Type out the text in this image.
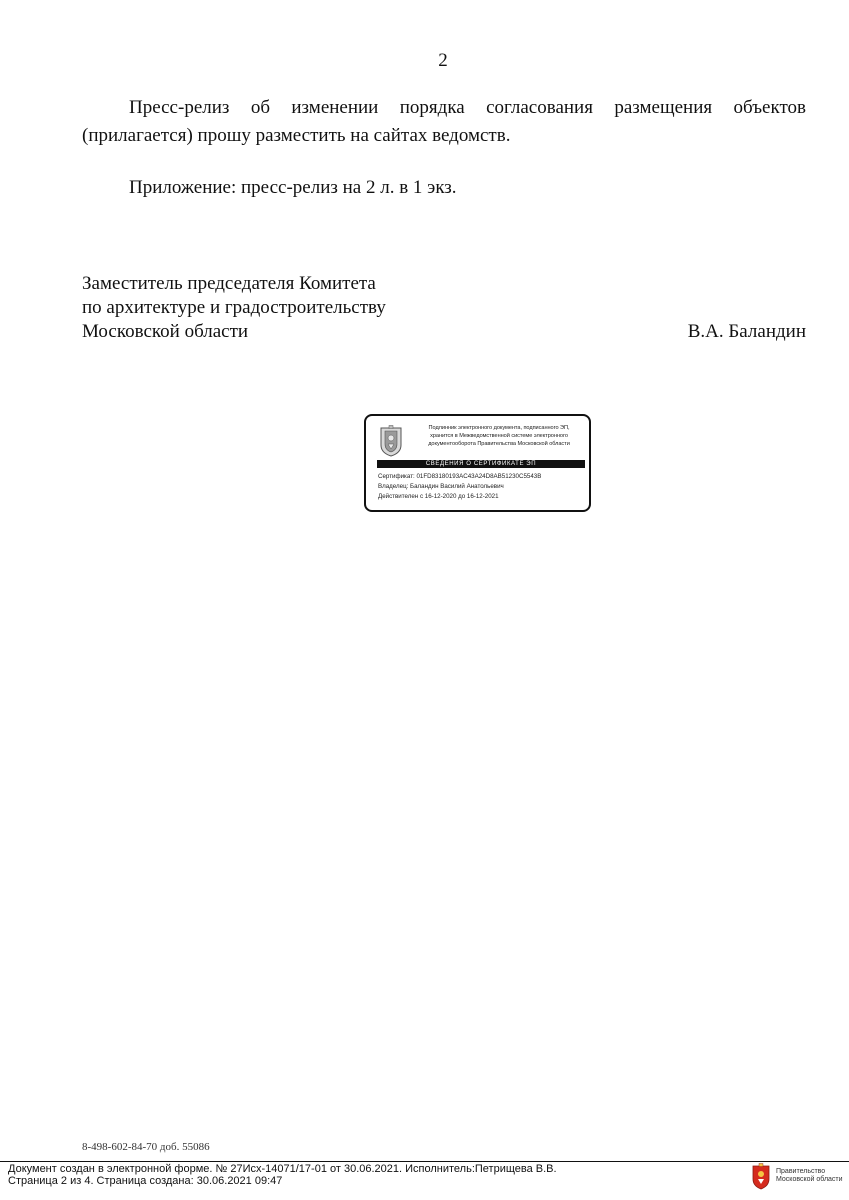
2
Пресс-релиз об изменении порядка согласования размещения объектов (прилагается) прошу разместить на сайтах ведомств.
Приложение: пресс-релиз на 2 л. в 1 экз.
Заместитель председателя Комитета
по архитектуре и градостроительству
Московской области	В.А. Баландин
Подлинник электронного документа, подписанного ЭП,
хранится в Межведомственной системе электронного
документооборота Правительства Московской области
СВЕДЕНИЯ О СЕРТИФИКАТЕ ЭП
Сертификат: 01FD83180193AC43A24D8AB51230C5543B
Владелец: Баландин Василий Анатольевич
Действителен с 16-12-2020 до 16-12-2021
8-498-602-84-70 доб. 55086
Документ создан в электронной форме. № 27Исх-14071/17-01 от 30.06.2021. Исполнитель:Петрищева В.В.
Страница 2 из 4. Страница создана: 30.06.2021 09:47
Правительство
Московской области
